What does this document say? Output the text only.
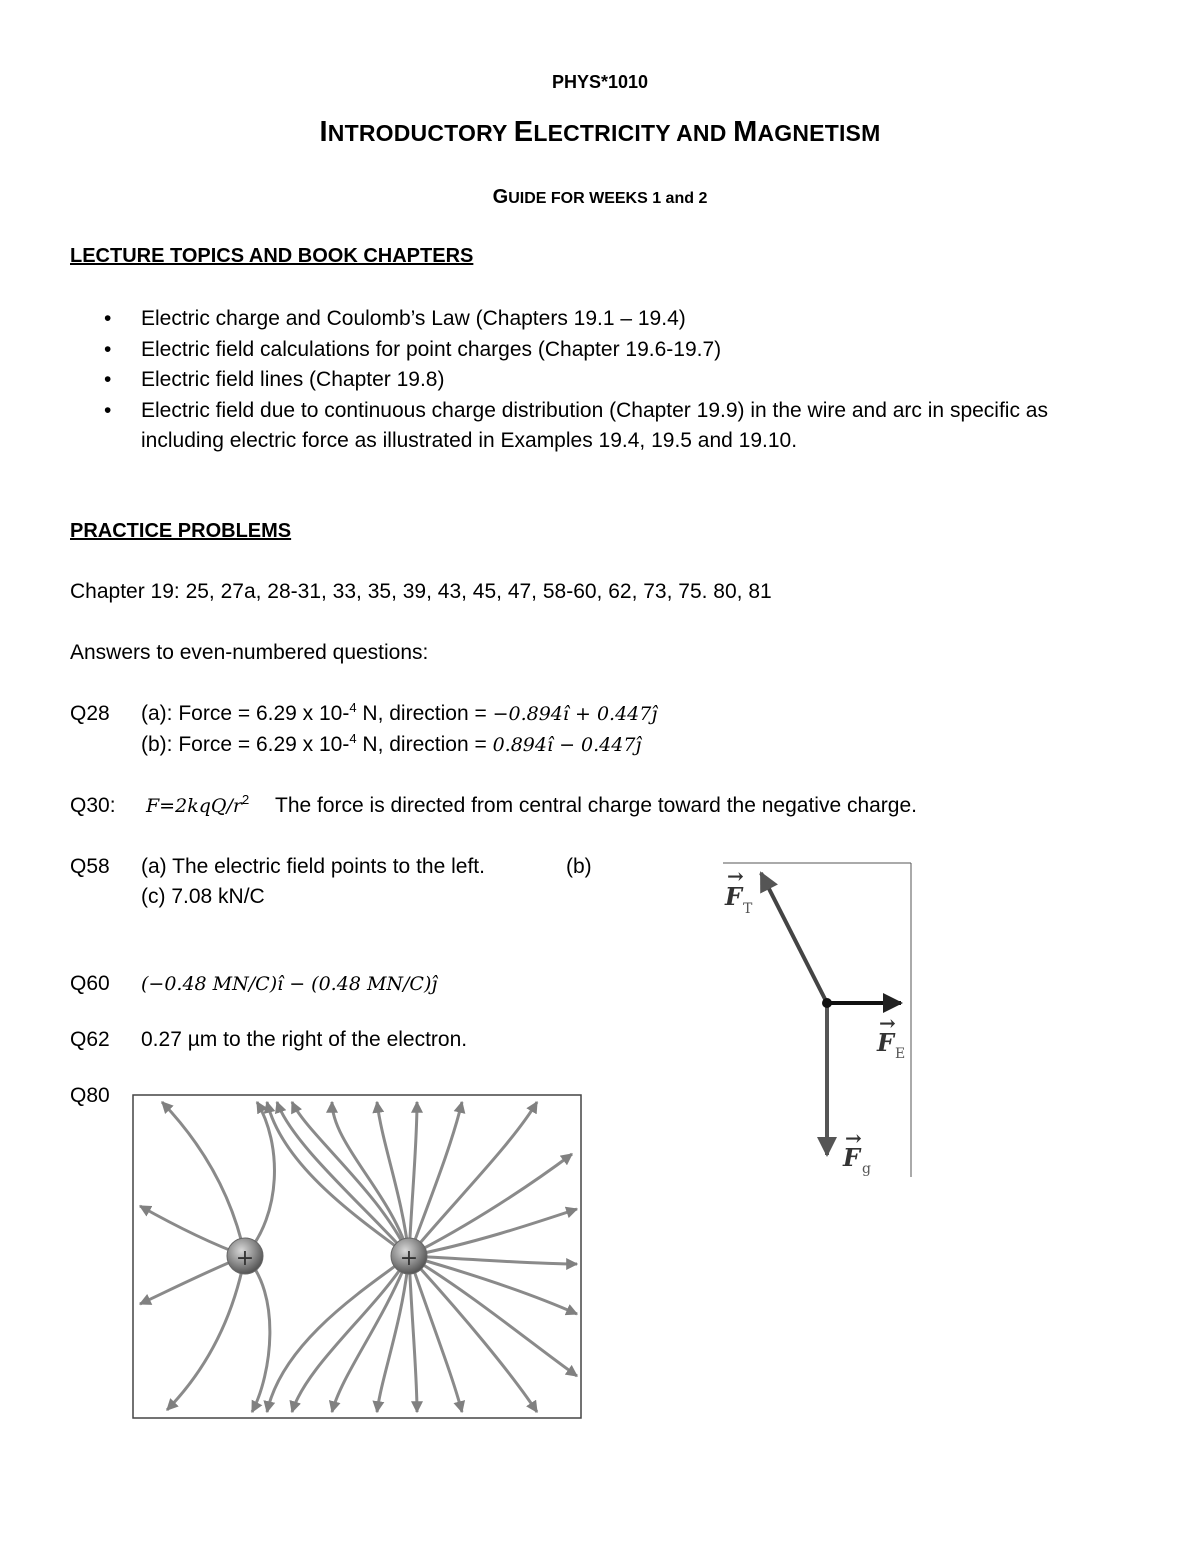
PHYS*1010
INTRODUCTORY ELECTRICITY AND MAGNETISM
GUIDE FOR WEEKS 1 and 2
LECTURE TOPICS AND BOOK CHAPTERS
• Electric charge and Coulomb’s Law (Chapters 19.1 – 19.4)
• Electric field calculations for point charges (Chapter 19.6-19.7)
• Electric field lines (Chapter 19.8)
• Electric field due to continuous charge distribution (Chapter 19.9) in the wire and arc in specific as including electric force as illustrated in Examples 19.4, 19.5 and 19.10.
PRACTICE PROBLEMS
Chapter 19: 25, 27a, 28-31, 33, 35, 39, 43, 45, 47, 58-60, 62, 73, 75. 80, 81
Answers to even-numbered questions:
Q28 (a): Force = 6.29 x 10-$^4$ N, direction = −0.894î + 0.447ĵ
(b): Force = 6.29 x 10-$^4$ N, direction = 0.894î − 0.447ĵ
Q30: $F=2kqQ/r^2$ The force is directed from central charge toward the negative charge.
Q58 (a) The electric field points to the left.	(b)
(c) 7.08 kN/C
Q60 (−0.48 MN/C)î − (0.48 MN/C)ĵ
Q62 0.27 µm to the right of the electron.
Q80
→
F T
→
F E
→
F g
+	+
